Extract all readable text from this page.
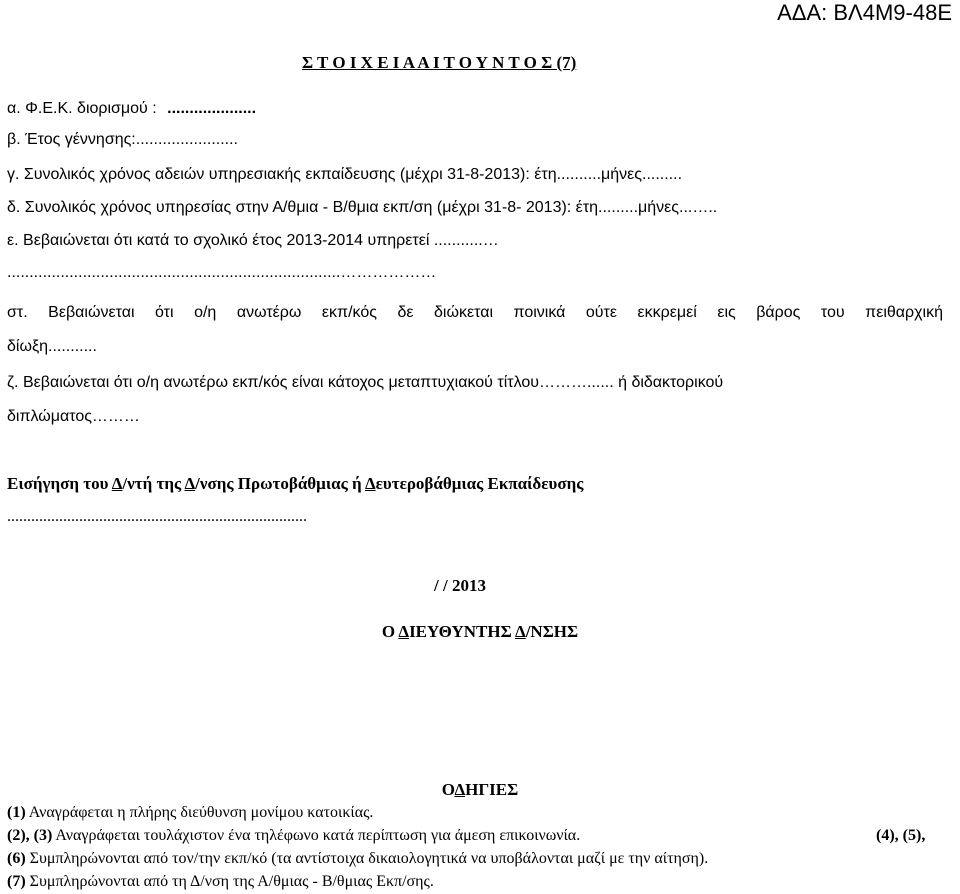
ΑΔΑ: ΒΛ4Μ9-48Ε
Σ Τ Ο Ι Χ Ε Ι Α Α Ι Τ Ο Υ Ν Τ Ο Σ (7)
α. Φ.Ε.Κ. διορισμού : ....................
β. Έτος γέννησης:.......................
γ. Συνολικός χρόνος αδειών υπηρεσιακής εκπαίδευσης (μέχρι 31-8-2013): έτη..........μήνες.........
δ. Συνολικός χρόνος υπηρεσίας στην Α/θμια - Β/θμια εκπ/ση (μέχρι 31-8- 2013): έτη.........μήνες...…..
ε. Βεβαιώνεται ότι κατά το σχολικό έτος 2013-2014 υπηρετεί ...........…
...........................................................................………………
στ. Βεβαιώνεται ότι ο/η ανωτέρω εκπ/κός δε διώκεται ποινικά ούτε εκκρεμεί εις βάρος του πειθαρχική
δίωξη...........
ζ. Βεβαιώνεται ότι ο/η ανωτέρω εκπ/κός είναι κάτοχος μεταπτυχιακού τίτλου………...... ή διδακτορικού
διπλώματος………
Εισήγηση του Δ/ντή της Δ/νσης Πρωτοβάθμιας ή Δευτεροβάθμιας Εκπαίδευσης
...........................................................................
/ / 2013
Ο ΔΙΕΥΘΥΝΤΗΣ Δ/ΝΣΗΣ
ΟΔΗΓΙΕΣ
(1) Αναγράφεται η πλήρης διεύθυνση μονίμου κατοικίας.
(2), (3) Αναγράφεται τουλάχιστον ένα τηλέφωνο κατά περίπτωση για άμεση επικοινωνία.	(4), (5),
(6) Συμπληρώνονται από τον/την εκπ/κό (τα αντίστοιχα δικαιολογητικά να υποβάλονται μαζί με την αίτηση).
(7) Συμπληρώνονται από τη Δ/νση της Α/θμιας - Β/θμιας Εκπ/σης.
